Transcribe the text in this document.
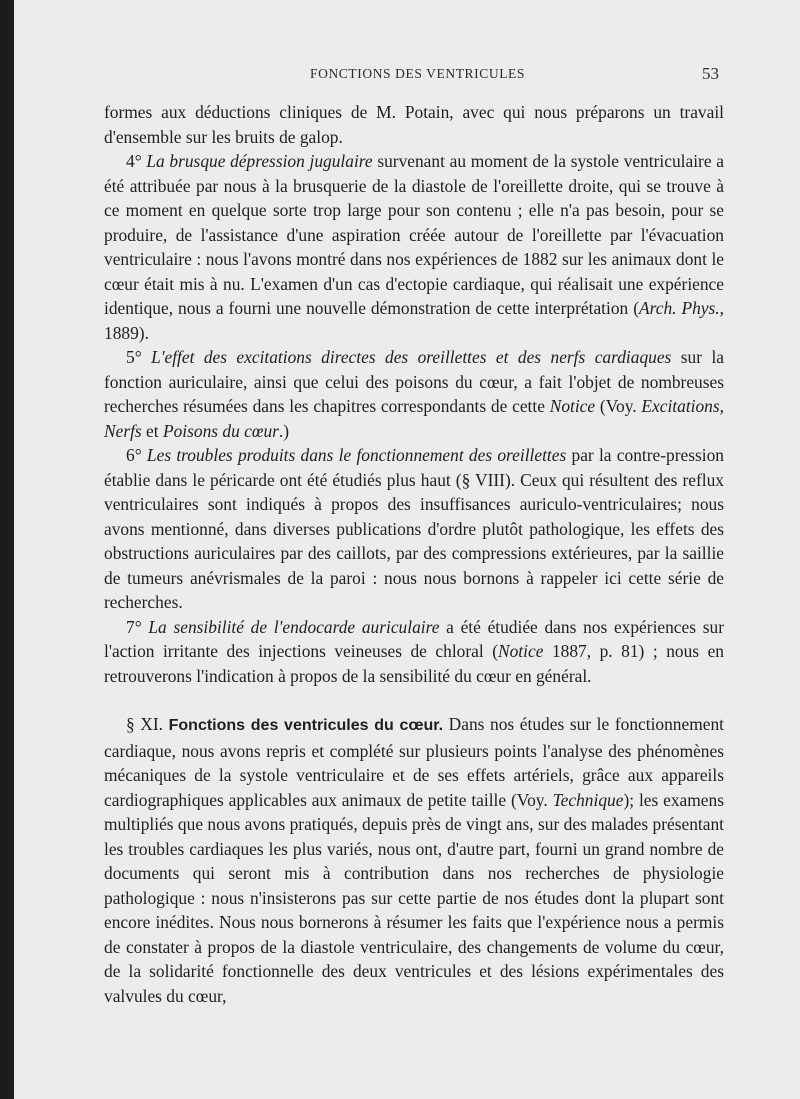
FONCTIONS DES VENTRICULES	53

formes aux déductions cliniques de M. Potain, avec qui nous préparons un travail d'ensemble sur les bruits de galop.

4° La brusque dépression jugulaire survenant au moment de la systole ventriculaire a été attribuée par nous à la brusquerie de la diastole de l'oreillette droite, qui se trouve à ce moment en quelque sorte trop large pour son contenu ; elle n'a pas besoin, pour se produire, de l'assistance d'une aspiration créée autour de l'oreillette par l'évacuation ventriculaire : nous l'avons montré dans nos expériences de 1882 sur les animaux dont le cœur était mis à nu. L'examen d'un cas d'ectopie cardiaque, qui réalisait une expérience identique, nous a fourni une nouvelle démonstration de cette interprétation (Arch. Phys., 1889).

5° L'effet des excitations directes des oreillettes et des nerfs cardiaques sur la fonction auriculaire, ainsi que celui des poisons du cœur, a fait l'objet de nombreuses recherches résumées dans les chapitres correspondants de cette Notice (Voy. Excitations, Nerfs et Poisons du cœur.)

6° Les troubles produits dans le fonctionnement des oreillettes par la contre-pression établie dans le péricarde ont été étudiés plus haut (§ VIII). Ceux qui résultent des reflux ventriculaires sont indiqués à propos des insuffisances auriculo-ventriculaires; nous avons mentionné, dans diverses publications d'ordre plutôt pathologique, les effets des obstructions auriculaires par des caillots, par des compressions extérieures, par la saillie de tumeurs anévrismales de la paroi : nous nous bornons à rappeler ici cette série de recherches.

7° La sensibilité de l'endocarde auriculaire a été étudiée dans nos expériences sur l'action irritante des injections veineuses de chloral (Notice 1887, p. 81) ; nous en retrouverons l'indication à propos de la sensibilité du cœur en général.

§ XI. Fonctions des ventricules du cœur. Dans nos études sur le fonctionnement cardiaque, nous avons repris et complété sur plusieurs points l'analyse des phénomènes mécaniques de la systole ventriculaire et de ses effets artériels, grâce aux appareils cardiographiques applicables aux animaux de petite taille (Voy. Technique); les examens multipliés que nous avons pratiqués, depuis près de vingt ans, sur des malades présentant les troubles cardiaques les plus variés, nous ont, d'autre part, fourni un grand nombre de documents qui seront mis à contribution dans nos recherches de physiologie pathologique : nous n'insisterons pas sur cette partie de nos études dont la plupart sont encore inédites. Nous nous bornerons à résumer les faits que l'expérience nous a permis de constater à propos de la diastole ventriculaire, des changements de volume du cœur, de la solidarité fonctionnelle des deux ventricules et des lésions expérimentales des valvules du cœur,
